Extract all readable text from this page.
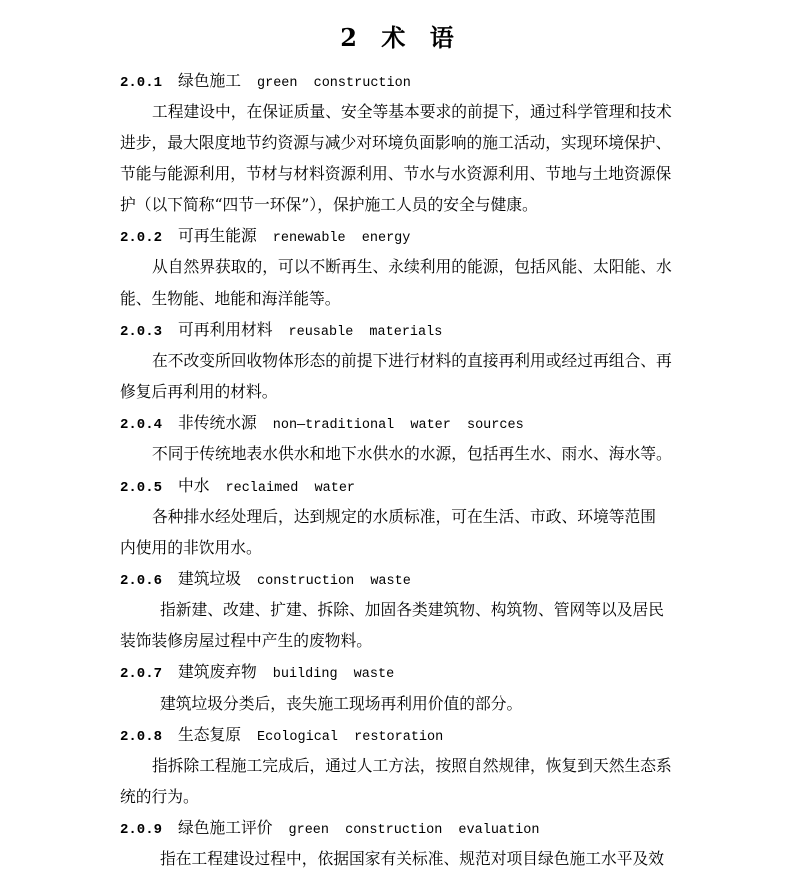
2 术 语
2.0.1 绿色施工 green construction
工程建设中，在保证质量、安全等基本要求的前提下，通过科学管理和技术
进步，最大限度地节约资源与减少对环境负面影响的施工活动，实现环境保护、
节能与能源利用，节材与材料资源利用、节水与水资源利用、节地与土地资源保
护（以下简称“四节一环保”），保护施工人员的安全与健康。
2.0.2 可再生能源 renewable energy
从自然界获取的，可以不断再生、永续利用的能源，包括风能、太阳能、水
能、生物能、地能和海洋能等。
2.0.3 可再利用材料 reusable materials
在不改变所回收物体形态的前提下进行材料的直接再利用或经过再组合、再
修复后再利用的材料。
2.0.4 非传统水源 non—traditional water sources
不同于传统地表水供水和地下水供水的水源，包括再生水、雨水、海水等。
2.0.5 中水 reclaimed water
各种排水经处理后，达到规定的水质标准，可在生活、市政、环境等范围
内使用的非饮用水。
2.0.6 建筑垃圾 construction waste
指新建、改建、扩建、拆除、加固各类建筑物、构筑物、管网等以及居民
装饰装修房屋过程中产生的废物料。
2.0.7 建筑废弃物 building waste
建筑垃圾分类后，丧失施工现场再利用价值的部分。
2.0.8 生态复原 Ecological restoration
指拆除工程施工完成后，通过人工方法，按照自然规律，恢复到天然生态系
统的行为。
2.0.9 绿色施工评价 green construction evaluation
指在工程建设过程中，依据国家有关标准、规范对项目绿色施工水平及效
